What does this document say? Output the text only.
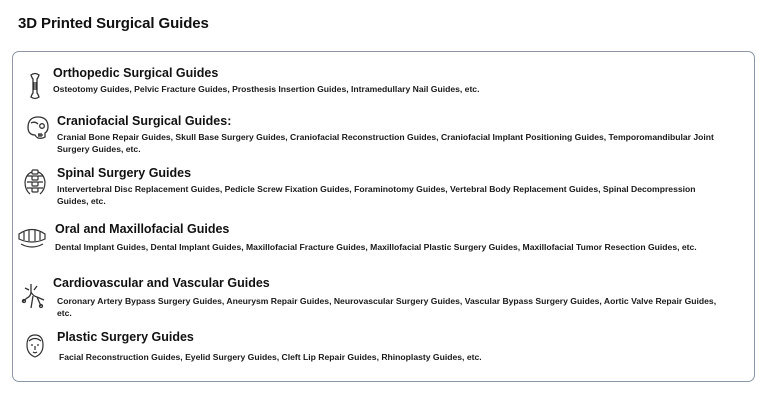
3D Printed Surgical Guides
Orthopedic Surgical Guides
Osteotomy Guides, Pelvic Fracture Guides, Prosthesis Insertion Guides, Intramedullary Nail Guides, etc.
Craniofacial Surgical Guides:
Cranial Bone Repair Guides, Skull Base Surgery Guides, Craniofacial Reconstruction Guides, Craniofacial Implant Positioning Guides, Temporomandibular Joint Surgery Guides, etc.
Spinal Surgery Guides
Intervertebral Disc Replacement Guides, Pedicle Screw Fixation Guides, Foraminotomy Guides, Vertebral Body Replacement Guides, Spinal Decompression Guides, etc.
Oral and Maxillofacial Guides
Dental Implant Guides, Dental Implant Guides, Maxillofacial Fracture Guides, Maxillofacial Plastic Surgery Guides, Maxillofacial Tumor Resection Guides, etc.
Cardiovascular and Vascular Guides
Coronary Artery Bypass Surgery Guides, Aneurysm Repair Guides, Neurovascular Surgery Guides, Vascular Bypass Surgery Guides, Aortic Valve Repair Guides, etc.
Plastic Surgery Guides
Facial Reconstruction Guides, Eyelid Surgery Guides, Cleft Lip Repair Guides, Rhinoplasty Guides, etc.
